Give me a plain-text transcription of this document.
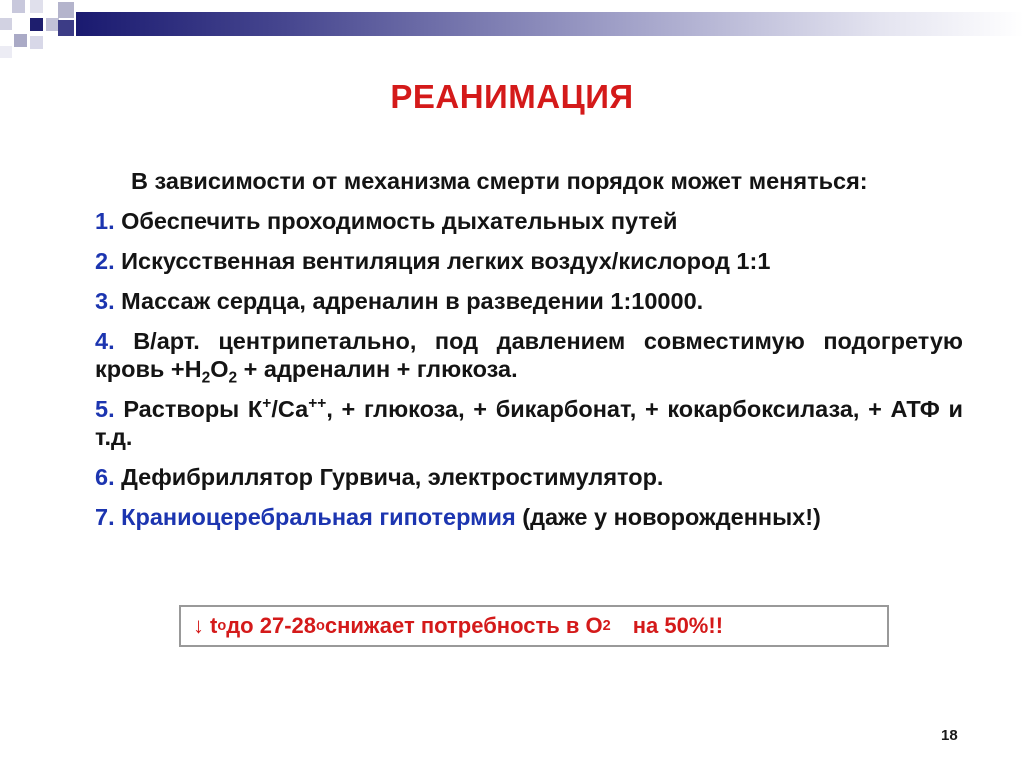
РЕАНИМАЦИЯ
В зависимости от механизма смерти порядок может меняться:
1. Обеспечить проходимость дыхательных путей
2. Искусственная вентиляция легких воздух/кислород 1:1
3. Массаж сердца, адреналин в разведении 1:10000.
4. В/арт. центрипетально, под давлением совместимую подогретую кровь $+H_2O_2$ + адреналин + глюкоза.
5. Растворы К+/Са++, + глюкоза, + бикарбонат, + кокарбоксилаза, + АТФ и т.д.
6. Дефибриллятор Гурвича, электростимулятор.
7. Краниоцеребральная гипотермия (даже у новорожденных!)
↓ t о до 27-28 о снижает потребность в О 2 на 50%!!
18
